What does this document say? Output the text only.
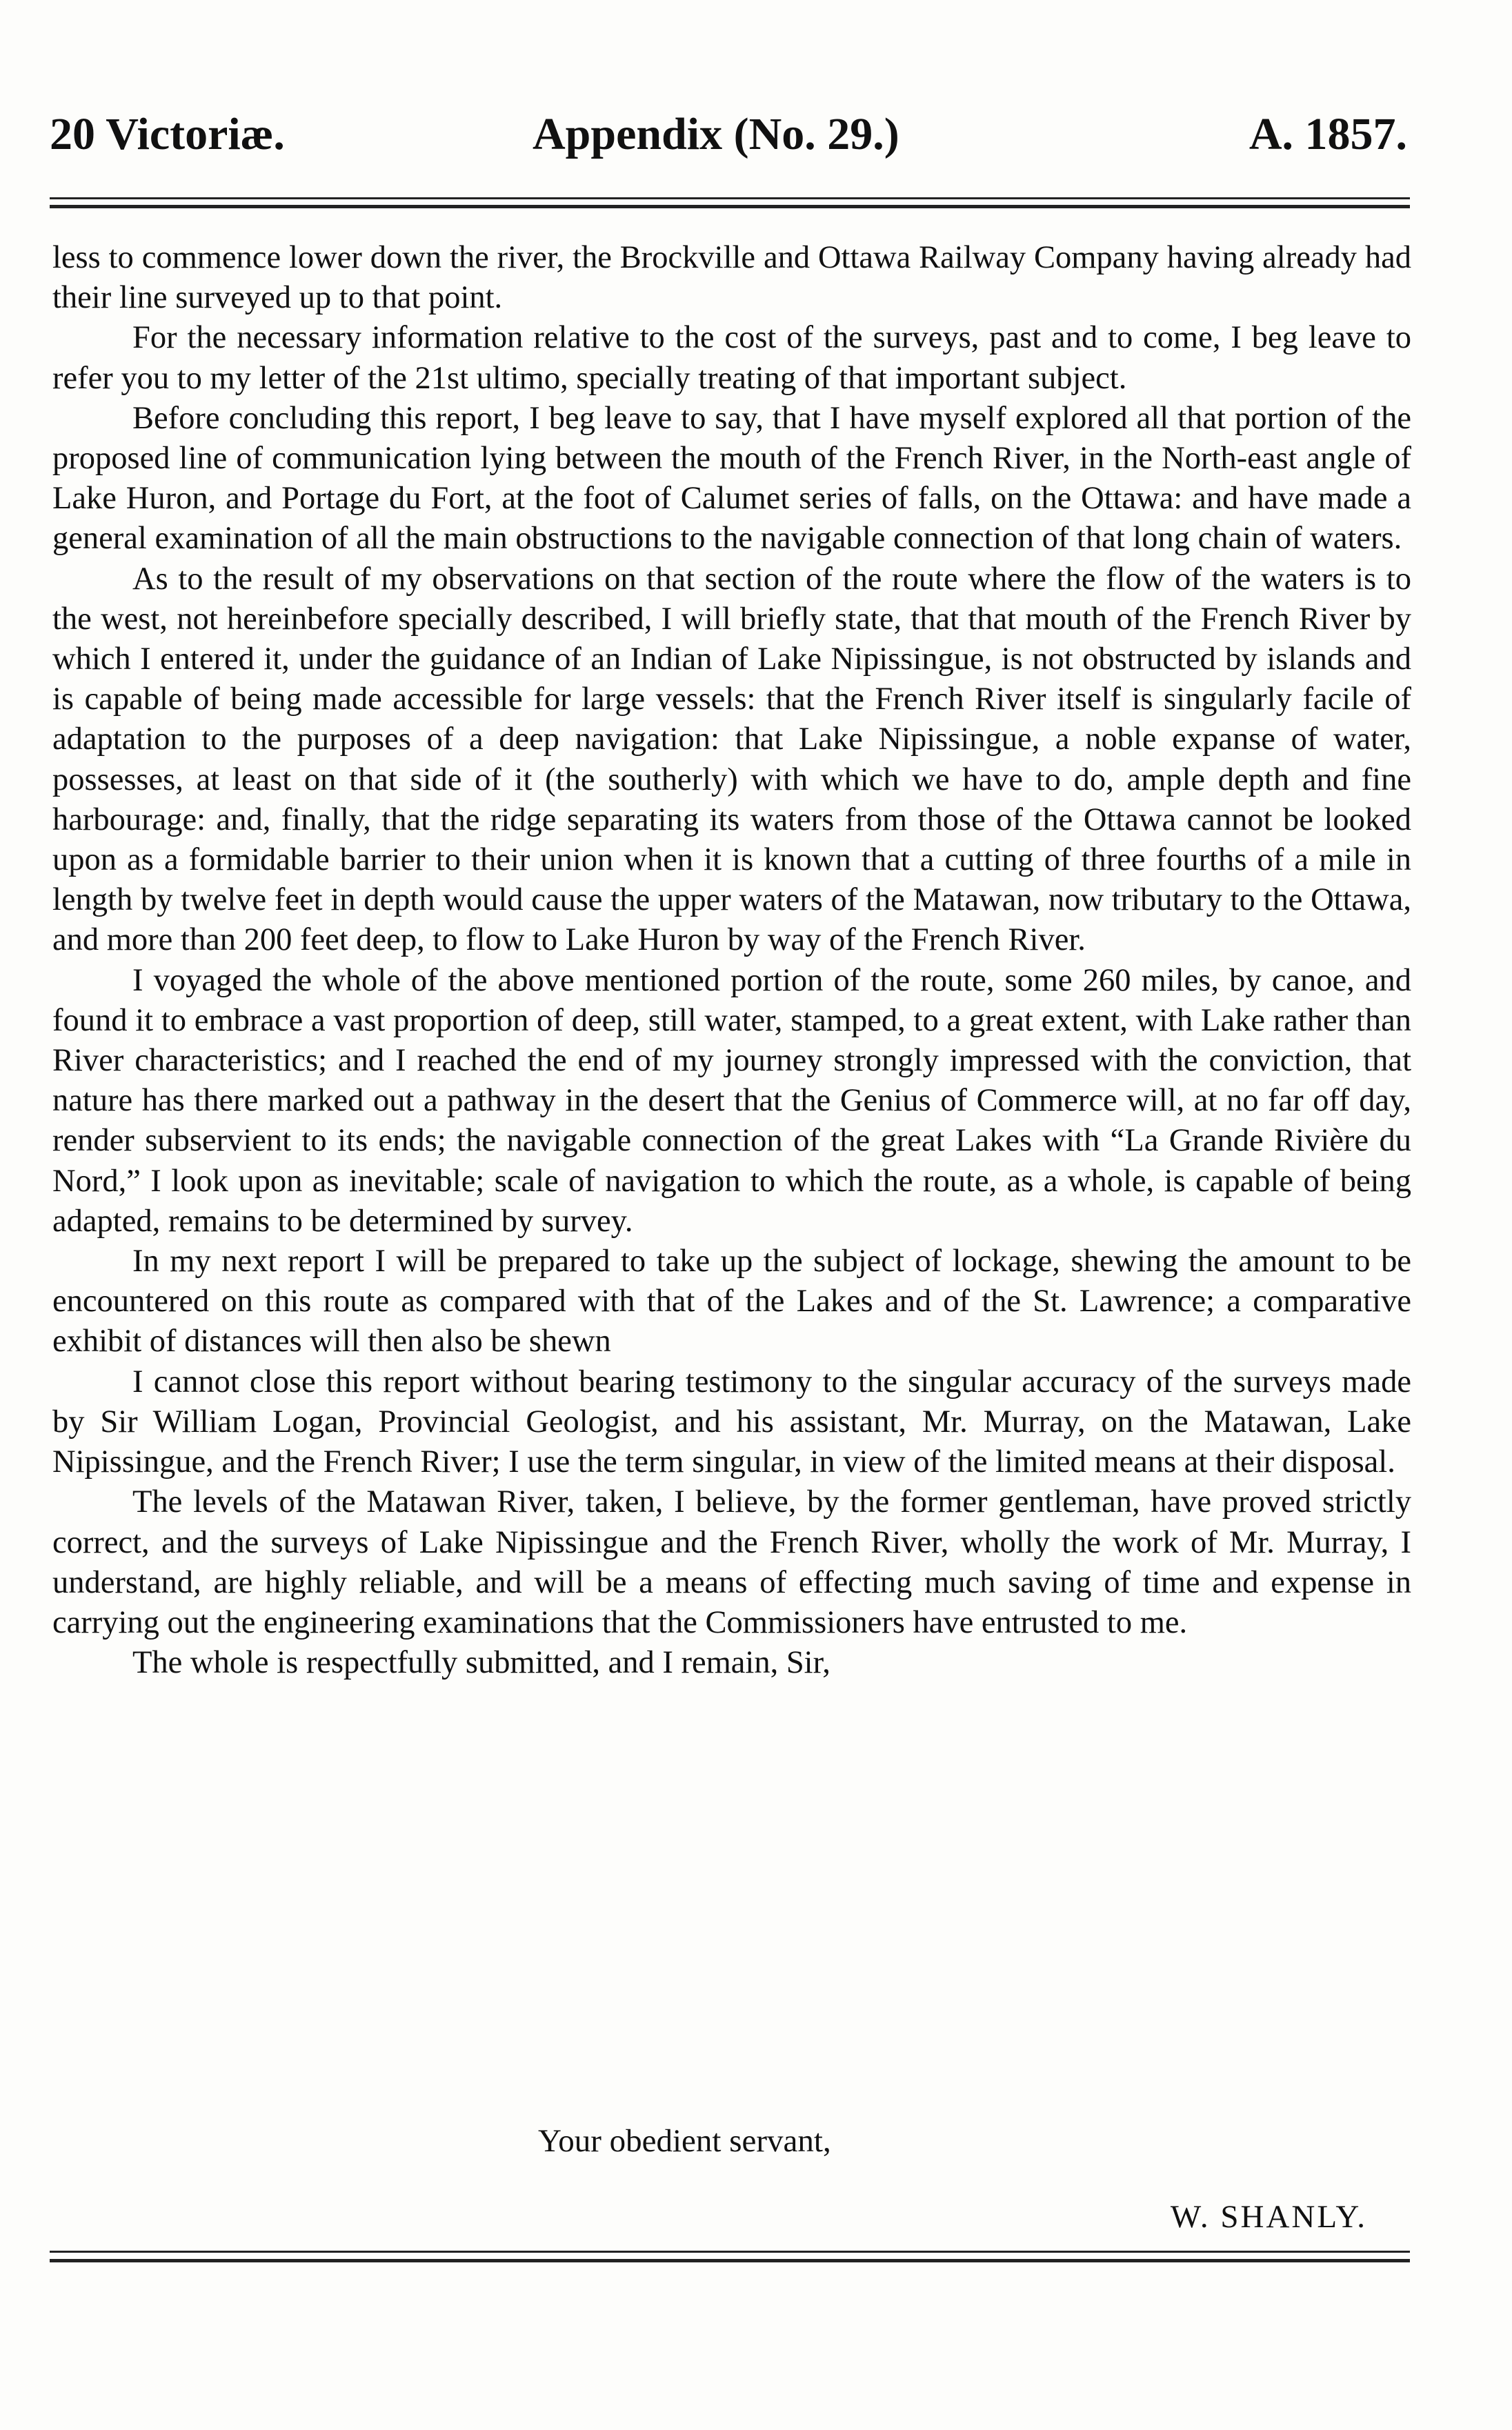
20 Victoriæ.	Appendix (No. 29.)	A. 1857.

less to commence lower down the river, the Brockville and Ottawa Railway Company having already had their line surveyed up to that point.

For the necessary information relative to the cost of the surveys, past and to come, I beg leave to refer you to my letter of the 21st ultimo, specially treating of that important subject.

Before concluding this report, I beg leave to say, that I have myself explored all that portion of the proposed line of communication lying between the mouth of the French River, in the North-east angle of Lake Huron, and Portage du Fort, at the foot of Calumet series of falls, on the Ottawa: and have made a general examination of all the main obstructions to the navigable connection of that long chain of waters.

As to the result of my observations on that section of the route where the flow of the waters is to the west, not hereinbefore specially described, I will briefly state, that that mouth of the French River by which I entered it, under the guidance of an Indian of Lake Nipissingue, is not obstructed by islands and is capable of being made accessible for large vessels: that the French River itself is singularly facile of adaptation to the purposes of a deep navigation: that Lake Nipissingue, a noble expanse of water, possesses, at least on that side of it (the southerly) with which we have to do, ample depth and fine harbourage: and, finally, that the ridge separating its waters from those of the Ottawa cannot be looked upon as a formidable barrier to their union when it is known that a cutting of three fourths of a mile in length by twelve feet in depth would cause the upper waters of the Matawan, now tributary to the Ottawa, and more than 200 feet deep, to flow to Lake Huron by way of the French River.

I voyaged the whole of the above mentioned portion of the route, some 260 miles, by canoe, and found it to embrace a vast proportion of deep, still water, stamped, to a great extent, with Lake rather than River characteristics; and I reached the end of my journey strongly impressed with the conviction, that nature has there marked out a pathway in the desert that the Genius of Commerce will, at no far off day, render subservient to its ends; the navigable connection of the great Lakes with “La Grande Rivière du Nord,” I look upon as inevitable; scale of navigation to which the route, as a whole, is capable of being adapted, remains to be determined by survey.

In my next report I will be prepared to take up the subject of lockage, shewing the amount to be encountered on this route as compared with that of the Lakes and of the St. Lawrence; a comparative exhibit of distances will then also be shewn

I cannot close this report without bearing testimony to the singular accuracy of the surveys made by Sir William Logan, Provincial Geologist, and his assistant, Mr. Murray, on the Matawan, Lake Nipissingue, and the French River; I use the term singular, in view of the limited means at their disposal.

The levels of the Matawan River, taken, I believe, by the former gentleman, have proved strictly correct, and the surveys of Lake Nipissingue and the French River, wholly the work of Mr. Murray, I understand, are highly reliable, and will be a means of effecting much saving of time and expense in carrying out the engineering examinations that the Commissioners have entrusted to me.

The whole is respectfully submitted, and I remain, Sir,

Your obedient servant,
W. SHANLY.
